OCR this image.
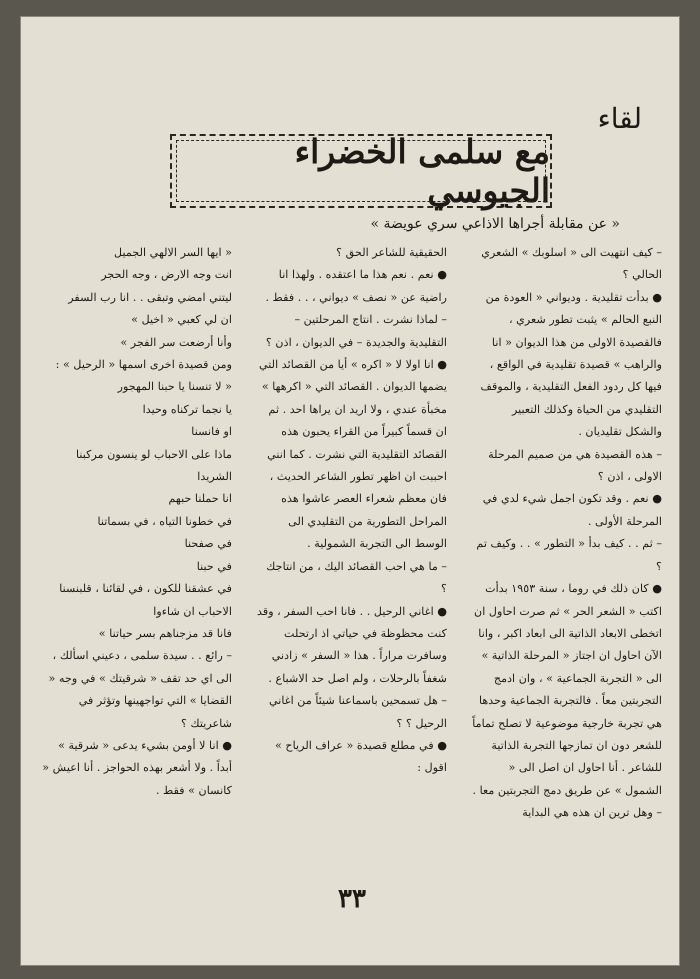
لقاء
مع سلمى الخضراء الجيوسي
« عن مقابلة أجراها الاذاعي سري عويضة »

– كيف انتهيت الى « اسلوبك » الشعري الحالي ؟

● بدأت تقليدية . وديواني « العودة من النبع الحالم » يثبت تطور شعري ، فالقصيدة الاولى من هذا الديوان « انا والراهب » قصيدة تقليدية في الواقع ، فيها كل ردود الفعل التقليدية ، والموقف التقليدي من الحياة وكذلك التعبير والشكل تقليديان .

– هذه القصيدة هي من صميم المرحلة الاولى ، اذن ؟

● نعم . وقد تكون اجمل شيء لدي في المرحلة الأولى .

– ثم . . كيف بدأ « التطور » . . وكيف تم ؟

● كان ذلك في روما ، سنة ١٩٥٣ بدأت اكتب « الشعر الحر » ثم صرت احاول ان اتخطى الابعاد الذاتية الى ابعاد اكبر ، وانا الآن احاول ان اجتاز « المرحلة الذاتية » الى « التجربة الجماعية » ، وان ادمج التجربتين معاً . فالتجربة الجماعية وحدها هي تجربة خارجية موضوعية لا تصلح تماماً للشعر دون ان تمازجها التجربة الذاتية للشاعر . أنا احاول ان اصل الى « الشمول » عن طريق دمج التجربتين معا .

– وهل ترين ان هذه هي البداية

الحقيقية للشاعر الحق ؟

● نعم . نعم هذا ما اعتقده . ولهذا انا راضية عن « نصف » ديواني ، . . فقط .

– لماذا نشرت . انتاج المرحلتين – التقليدية والجديدة – في الديوان ، اذن ؟

● انا اولا لا « اكره » أيا من القصائد التي يضمها الديوان . القصائد التي « اكرهها » مخبأة عندي ، ولا اريد ان يراها احد . ثم ان قسماً كبيراً من القراء يحبون هذه القصائد التقليدية التي نشرت . كما انني احببت ان اظهر تطور الشاعر الحديث ، فان معظم شعراء العصر عاشوا هذه المراحل التطورية من التقليدي الى الوسط الى التجربة الشمولية .

– ما هي احب القصائد اليك ، من انتاجك ؟

● اغاني الرحيل . . فانا احب السفر ، وقد كنت محظوظة في حياتي اذ ارتحلت وسافرت مراراً . هذا « السفر » زادني شغفاً بالرحلات ، ولم اصل حد الاشباع .

– هل تسمحين باسماعنا شيئاً من اغاني الرحيل ؟ ؟

● في مطلع قصيدة « عراف الرياح » اقول :

« ايها السر الالهي الجميل

انت وجه الارض ، وجه الحجر

ليتني امضي وتبقى . . انا رب السفر

ان لي كعبي « اخيل »

وأنا أرضعت سر الفجر »

ومن قصيدة اخرى اسمها « الرحيل » :

« لا تنسنا يا حبنا المهجور

يا نجما تركناه وحيدا

او فانسنا

ماذا على الاحباب لو ينسون مركبنا الشريدا

انا حملنا حبهم

في خطونا التياه ، في بسماتنا

في صفحنا

في حبنا

في عشقنا للكون ، في لقائنا ، قلبنسنا الاحباب ان شاءوا

فانا قد مزجناهم بسر حياتنا »

– رائع . . سيدة سلمى ، دعيني اسألك ، الى اي حد تقف « شرقيتك » في وجه « القضايا » التي تواجهينها وتؤثر في شاعريتك ؟

● انا لا أومن بشيء يدعى « شرقية » أبداً . ولا أشعر بهذه الحواجز . أنا اعيش « كانسان » فقط .

٣٣
